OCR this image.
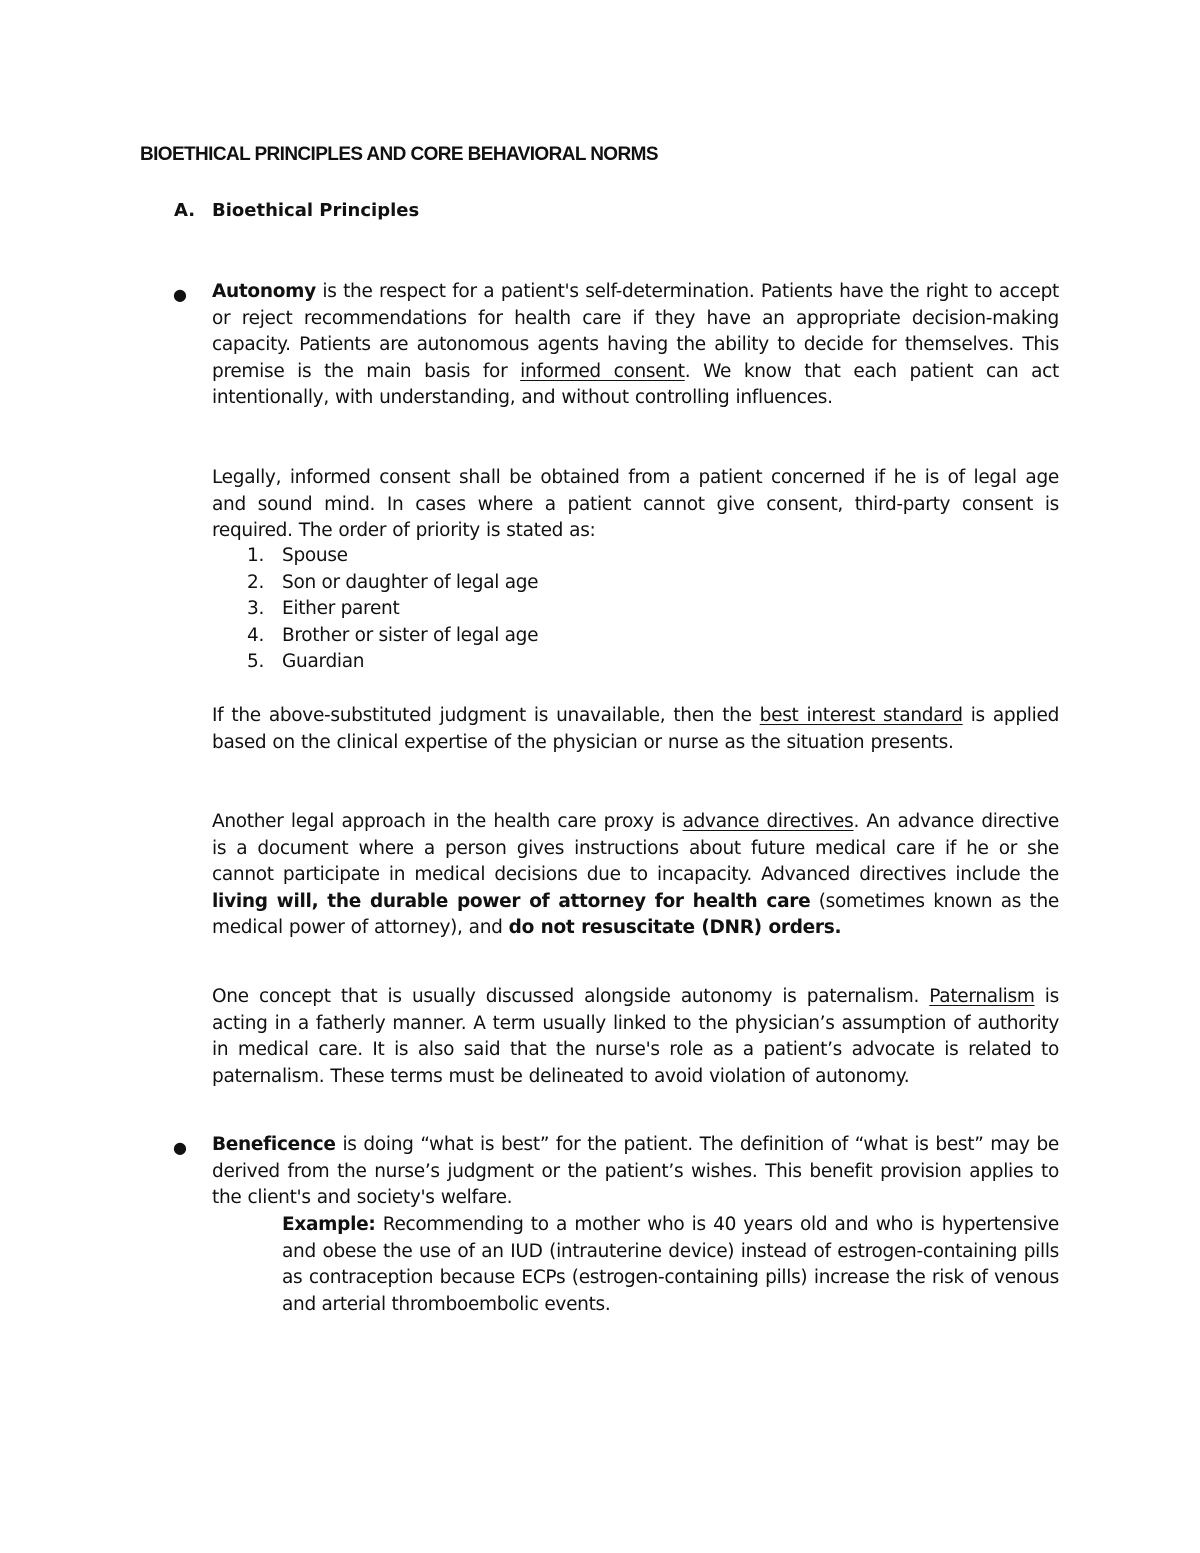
BIOETHICAL PRINCIPLES AND CORE BEHAVIORAL NORMS
A. Bioethical Principles
● Autonomy is the respect for a patient's self-determination. Patients have the right to accept or reject recommendations for health care if they have an appropriate decision-making capacity. Patients are autonomous agents having the ability to decide for themselves. This premise is the main basis for informed consent. We know that each patient can act intentionally, with understanding, and without controlling influences.

Legally, informed consent shall be obtained from a patient concerned if he is of legal age and sound mind. In cases where a patient cannot give consent, third-party consent is required. The order of priority is stated as:

1. Spouse
2. Son or daughter of legal age
3. Either parent
4. Brother or sister of legal age
5. Guardian

If the above-substituted judgment is unavailable, then the best interest standard is applied based on the clinical expertise of the physician or nurse as the situation presents.

Another legal approach in the health care proxy is advance directives. An advance directive is a document where a person gives instructions about future medical care if he or she cannot participate in medical decisions due to incapacity. Advanced directives include the living will, the durable power of attorney for health care (sometimes known as the medical power of attorney), and do not resuscitate (DNR) orders.

One concept that is usually discussed alongside autonomy is paternalism. Paternalism is acting in a fatherly manner. A term usually linked to the physician’s assumption of authority in medical care. It is also said that the nurse's role as a patient’s advocate is related to paternalism. These terms must be delineated to avoid violation of autonomy.

● Beneficence is doing “what is best” for the patient. The definition of “what is best” may be derived from the nurse’s judgment or the patient’s wishes. This benefit provision applies to the client's and society's welfare.

Example: Recommending to a mother who is 40 years old and who is hypertensive and obese the use of an IUD (intrauterine device) instead of estrogen-containing pills as contraception because ECPs (estrogen-containing pills) increase the risk of venous and arterial thromboembolic events.
